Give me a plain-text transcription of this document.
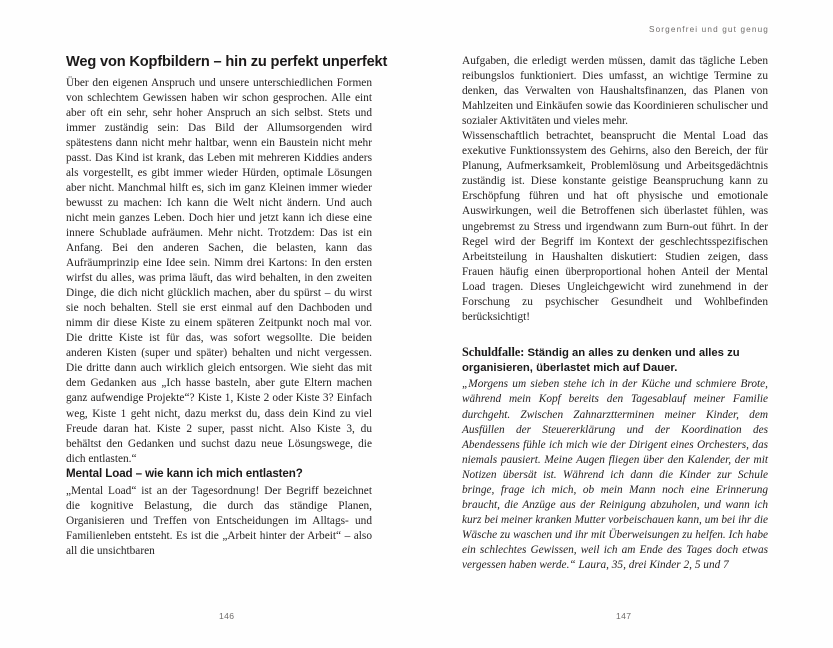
Sorgenfrei und gut genug
Weg von Kopfbildern – hin zu perfekt unperfekt

Über den eigenen Anspruch und unsere unterschiedlichen Formen von schlechtem Gewissen haben wir schon gesprochen. Alle eint aber oft ein sehr, sehr hoher Anspruch an sich selbst. Stets und immer zuständig sein: Das Bild der Allumsorgenden wird spätestens dann nicht mehr haltbar, wenn ein Baustein nicht mehr passt. Das Kind ist krank, das Leben mit mehreren Kiddies anders als vorgestellt, es gibt immer wieder Hürden, optimale Lösungen aber nicht. Manchmal hilft es, sich im ganz Kleinen immer wieder bewusst zu machen: Ich kann die Welt nicht ändern. Und auch nicht mein ganzes Leben. Doch hier und jetzt kann ich diese eine innere Schublade aufräumen. Mehr nicht. Trotzdem: Das ist ein Anfang. Bei den anderen Sachen, die belasten, kann das Aufräumprinzip eine Idee sein. Nimm drei Kartons: In den ersten wirfst du alles, was prima läuft, das wird behalten, in den zweiten Dinge, die dich nicht glücklich machen, aber du spürst – du wirst sie noch behalten. Stell sie erst einmal auf den Dachboden und nimm dir diese Kiste zu einem späteren Zeitpunkt noch mal vor. Die dritte Kiste ist für das, was sofort wegsollte. Die beiden anderen Kisten (super und später) behalten und nicht vergessen. Die dritte dann auch wirklich gleich entsorgen. Wie sieht das mit dem Gedanken aus „Ich hasse basteln, aber gute Eltern machen ganz aufwendige Projekte“? Kiste 1, Kiste 2 oder Kiste 3? Einfach weg, Kiste 1 geht nicht, dazu merkst du, dass dein Kind zu viel Freude daran hat. Kiste 2 super, passt nicht. Also Kiste 3, du behältst den Gedanken und suchst dazu neue Lösungswege, die dich entlasten.“

Mental Load – wie kann ich mich entlasten?

„Mental Load“ ist an der Tagesordnung! Der Begriff bezeichnet die kognitive Belastung, die durch das ständige Planen, Organisieren und Treffen von Entscheidungen im Alltags- und Familienleben entsteht. Es ist die „Arbeit hinter der Arbeit“ – also all die unsichtbaren

Aufgaben, die erledigt werden müssen, damit das tägliche Leben reibungslos funktioniert. Dies umfasst, an wichtige Termine zu denken, das Verwalten von Haushaltsfinanzen, das Planen von Mahlzeiten und Einkäufen sowie das Koordinieren schulischer und sozialer Aktivitäten und vieles mehr.

Wissenschaftlich betrachtet, beansprucht die Mental Load das exekutive Funktionssystem des Gehirns, also den Bereich, der für Planung, Aufmerksamkeit, Problemlösung und Arbeitsgedächtnis zuständig ist. Diese konstante geistige Beanspruchung kann zu Erschöpfung führen und hat oft physische und emotionale Auswirkungen, weil die Betroffenen sich überlastet fühlen, was ungebremst zu Stress und irgendwann zum Burn-out führt. In der Regel wird der Begriff im Kontext der geschlechtsspezifischen Arbeitsteilung in Haushalten diskutiert: Studien zeigen, dass Frauen häufig einen überproportional hohen Anteil der Mental Load tragen. Dieses Ungleichgewicht wird zunehmend in der Forschung zu psychischer Gesundheit und Wohlbefinden berücksichtigt!

Schuldfalle: Ständig an alles zu denken und alles zu organisieren, überlastet mich auf Dauer.

„Morgens um sieben stehe ich in der Küche und schmiere Brote, während mein Kopf bereits den Tagesablauf meiner Familie durchgeht. Zwischen Zahnarztterminen meiner Kinder, dem Ausfüllen der Steuererklärung und der Koordination des Abendessens fühle ich mich wie der Dirigent eines Orchesters, das niemals pausiert. Meine Augen fliegen über den Kalender, der mit Notizen übersät ist. Während ich dann die Kinder zur Schule bringe, frage ich mich, ob mein Mann noch eine Erinnerung braucht, die Anzüge aus der Reinigung abzuholen, und wann ich kurz bei meiner kranken Mutter vorbeischauen kann, um bei ihr die Wäsche zu waschen und ihr mit Überweisungen zu helfen. Ich habe ein schlechtes Gewissen, weil ich am Ende des Tages doch etwas vergessen haben werde.“ Laura, 35, drei Kinder 2, 5 und 7

146	147
